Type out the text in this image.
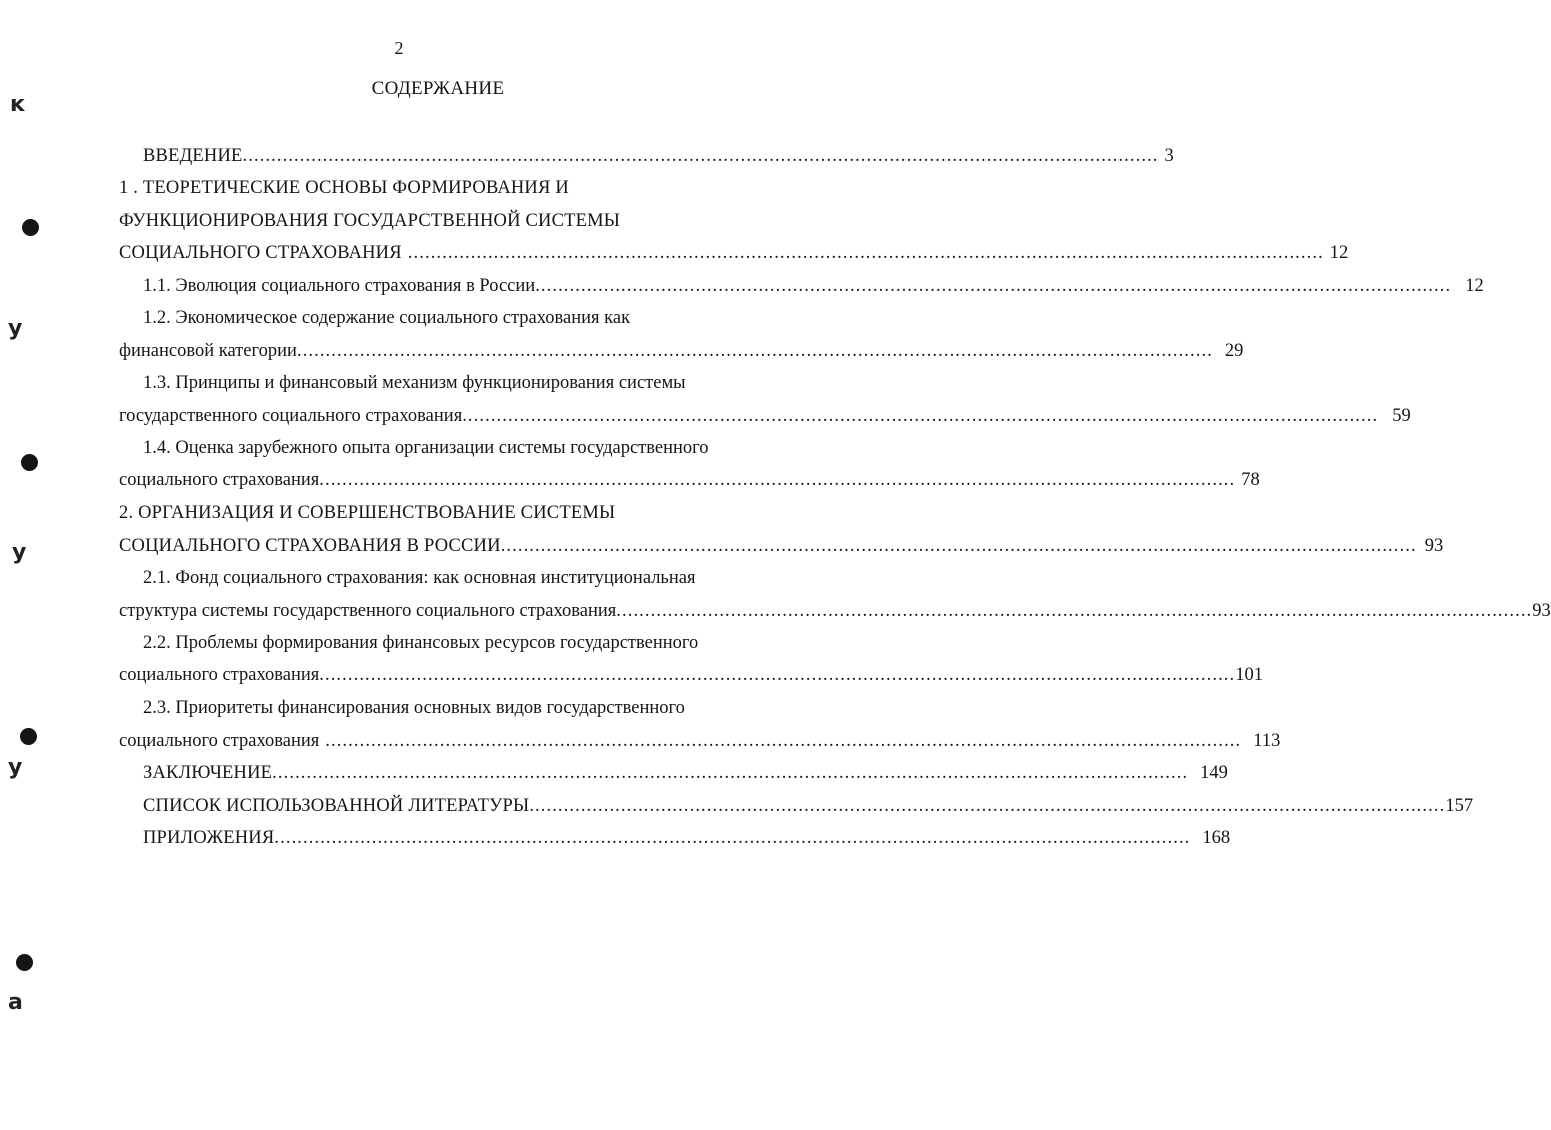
2
СОДЕРЖАНИЕ
ВВЕДЕНИЕ ................................................................................................................................................................ 3
1 . ТЕОРЕТИЧЕСКИЕ ОСНОВЫ ФОРМИРОВАНИЯ И
ФУНКЦИОНИРОВАНИЯ ГОСУДАРСТВЕННОЙ СИСТЕМЫ
СОЦИАЛЬНОГО СТРАХОВАНИЯ ................................................................................................................................................................ 12
1.1. Эволюция социального страхования в России ................................................................................................................................................................ 12
1.2. Экономическое содержание социального страхования как
финансовой категории ................................................................................................................................................................ 29
1.3. Принципы и финансовый механизм функционирования системы
государственного социального страхования ................................................................................................................................................................ 59
1.4. Оценка зарубежного опыта организации системы государственного
социального страхования ................................................................................................................................................................ 78
2. ОРГАНИЗАЦИЯ И СОВЕРШЕНСТВОВАНИЕ СИСТЕМЫ
СОЦИАЛЬНОГО СТРАХОВАНИЯ В РОССИИ ................................................................................................................................................................ 93
2.1. Фонд социального страхования: как основная институциональная
структура системы государственного социального страхования ................................................................................................................................................................ 93
2.2. Проблемы формирования финансовых ресурсов государственного
социального страхования ................................................................................................................................................................ 101
2.3. Приоритеты финансирования основных видов государственного
социального страхования ................................................................................................................................................................ 113
ЗАКЛЮЧЕНИЕ ................................................................................................................................................................ 149
СПИСОК ИСПОЛЬЗОВАННОЙ ЛИТЕРАТУРЫ ................................................................................................................................................................ 157
ПРИЛОЖЕНИЯ ................................................................................................................................................................ 168
ĸ
y
y
y
a
